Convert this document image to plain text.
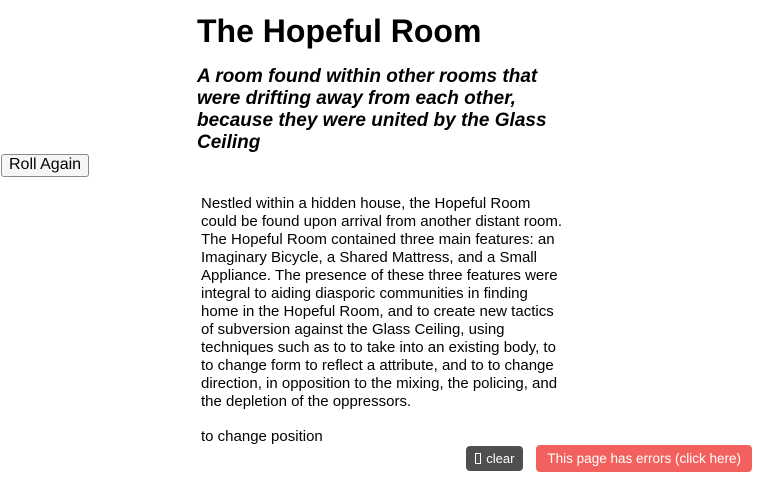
Roll Again
The Hopeful Room
A room found within other rooms that were drifting away from each other, because they were united by the Glass Ceiling
Nestled within a hidden house, the Hopeful Room could be found upon arrival from another distant room. The Hopeful Room contained three main features: an Imaginary Bicycle, a Shared Mattress, and a Small Appliance. The presence of these three features were integral to aiding diasporic communities in finding home in the Hopeful Room, and to create new tactics of subversion against the Glass Ceiling, using techniques such as to to take into an existing body, to to change form to reflect a attribute, and to to change direction, in opposition to the mixing, the policing, and the depletion of the oppressors.
to change position
clear	This page has errors (click here)
